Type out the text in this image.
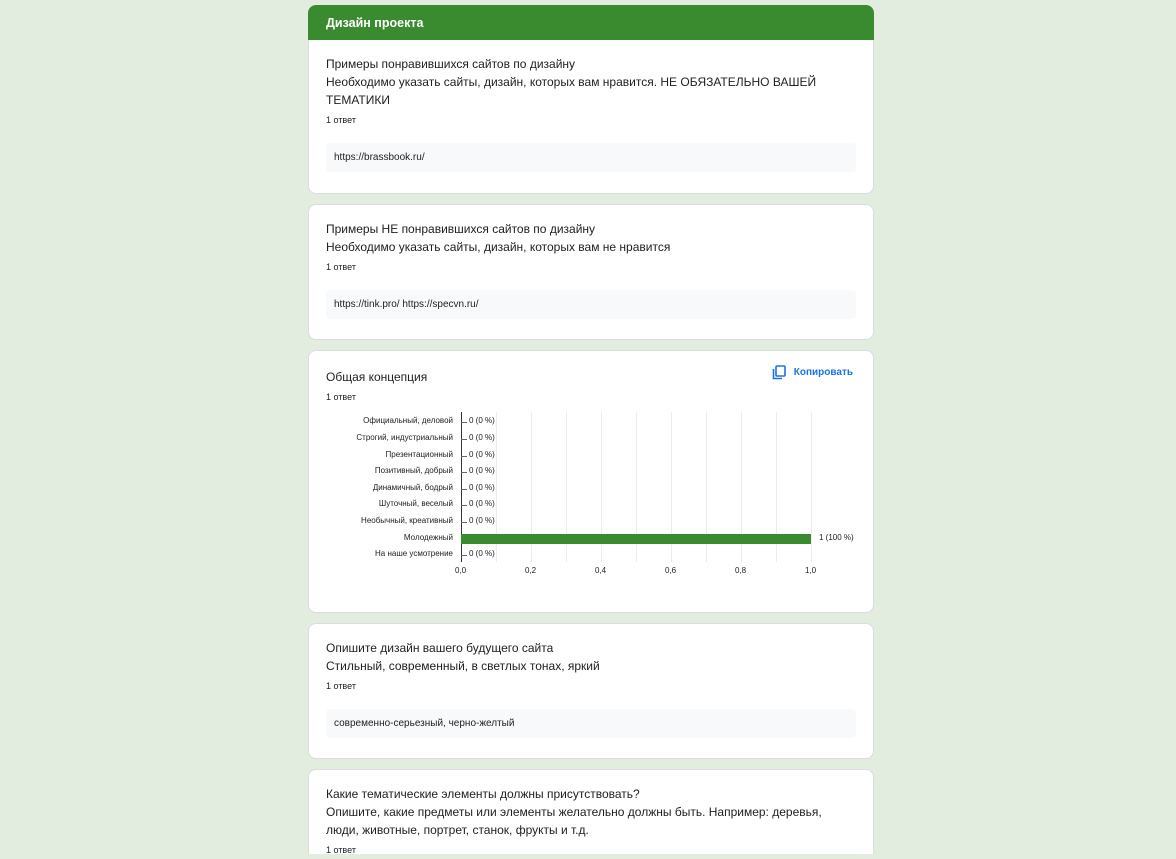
Дизайн проекта
Примеры понравившихся сайтов по дизайну
Необходимо указать сайты, дизайн, которых вам нравится. НЕ ОБЯЗАТЕЛЬНО ВАШЕЙ ТЕМАТИКИ
1 ответ
https://brassbook.ru/
Примеры НЕ понравившихся сайтов по дизайну
Необходимо указать сайты, дизайн, которых вам не нравится
1 ответ
https://tink.pro/ https://specvn.ru/
Общая концепция
1 ответ
Копировать
Официальный, деловой 0 (0 %)
Строгий, индустриальный 0 (0 %)
Презентационный 0 (0 %)
Позитивный, добрый 0 (0 %)
Динамичный, бодрый 0 (0 %)
Шуточный, веселый 0 (0 %)
Необычный, креативный 0 (0 %)
Молодежный	1 (100 %)
На наше усмотрение 0 (0 %)
0,0	0,2	0,4	0,6	0,8	1,0
Опишите дизайн вашего будущего сайта
Стильный, современный, в светлых тонах, яркий
1 ответ
современно-серьезный, черно-желтый
Какие тематические элементы должны присутствовать?
Опишите, какие предметы или элементы желательно должны быть. Например: деревья, люди, животные, портрет, станок, фрукты и т.д.
1 ответ
